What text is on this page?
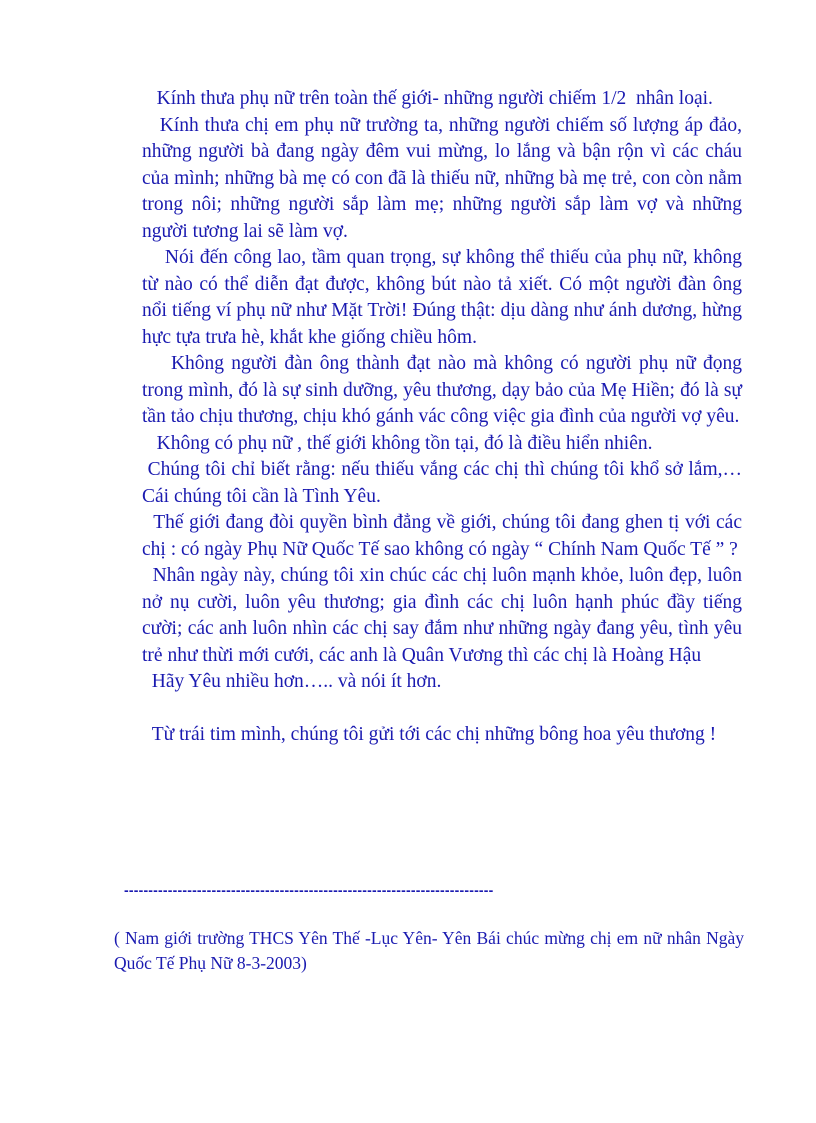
Kính thưa phụ nữ trên toàn thế giới- những người chiếm 1/2  nhân loại.

Kính thưa chị em phụ nữ trường ta, những người chiếm số lượng áp đảo, những người bà đang ngày đêm vui mừng, lo lắng và bận rộn vì các cháu của mình; những bà mẹ có con đã là thiếu nữ, những bà mẹ trẻ, con còn nằm trong nôi; những người sắp làm mẹ; những người sắp làm vợ và những người tương lai sẽ làm vợ.

Nói đến công lao, tầm quan trọng, sự không thể thiếu của phụ nữ, không từ nào có thể diễn đạt được, không bút nào tả xiết. Có một người đàn ông nổi tiếng ví phụ nữ như Mặt Trời! Đúng thật: dịu dàng như ánh dương, hừng hực tựa trưa hè, khắt khe giống chiều hôm.

Không người đàn ông thành đạt nào mà không có người phụ nữ đọng trong mình, đó là sự sinh dưỡng, yêu thương, dạy bảo của Mẹ Hiền; đó là sự tần tảo chịu thương, chịu khó gánh vác công việc gia đình của người vợ yêu.

Không có phụ nữ , thế giới không tồn tại, đó là điều hiển nhiên.

Chúng tôi chỉ biết rằng: nếu thiếu vắng các chị thì chúng tôi khổ sở lắm,…Cái chúng tôi cần là Tình Yêu.

Thế giới đang đòi quyền bình đẳng về giới, chúng tôi đang ghen tị với các chị : có ngày Phụ Nữ Quốc Tế sao không có ngày “ Chính Nam Quốc Tế ” ?

Nhân ngày này, chúng tôi xin chúc các chị luôn mạnh khỏe, luôn đẹp, luôn nở nụ cười, luôn yêu thương; gia đình các chị luôn hạnh phúc đầy tiếng cười; các anh luôn nhìn các chị say đắm như những ngày đang yêu, tình yêu trẻ như thừi mới cưới, các anh là Quân Vương thì các chị là Hoàng Hậu

Hãy Yêu nhiều hơn….. và nói ít hơn.

Từ trái tim mình, chúng tôi gửi tới các chị những bông hoa yêu thương !

----------------------------------------------------------------------------
( Nam giới trường THCS Yên Thế -Lục Yên- Yên Bái chúc mừng chị em nữ nhân Ngày Quốc Tế Phụ Nữ 8-3-2003)
